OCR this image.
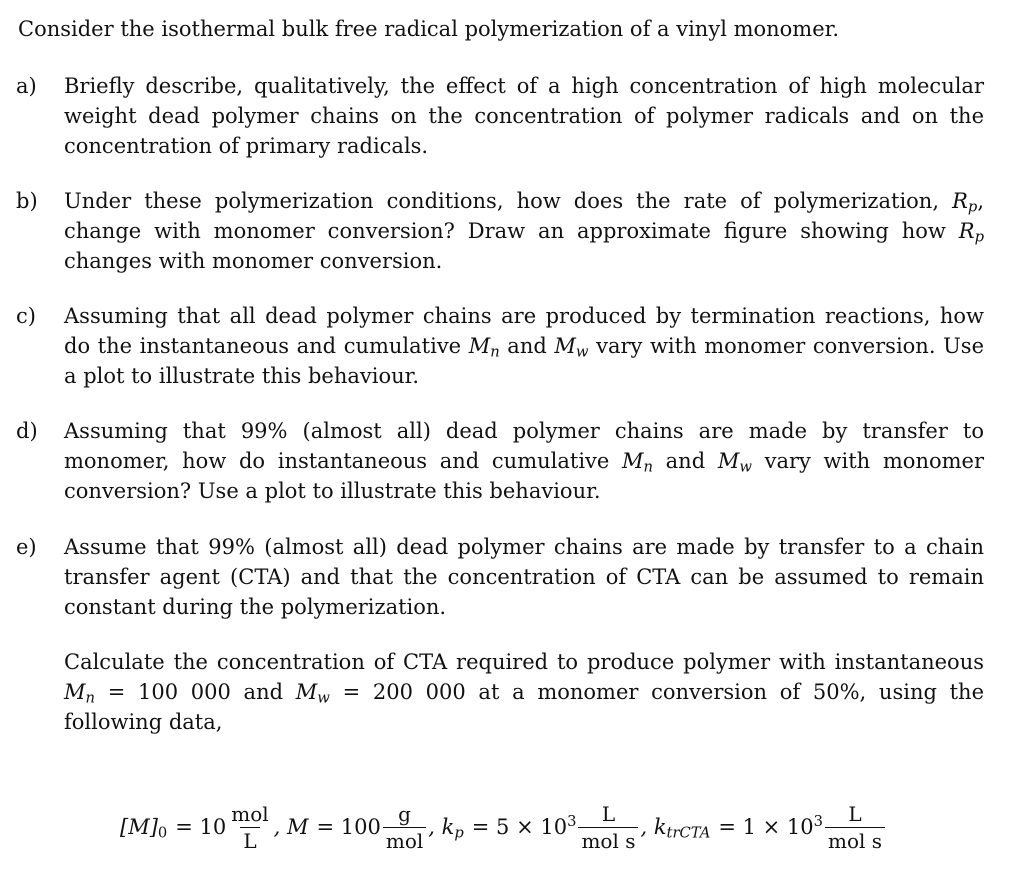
Consider the isothermal bulk free radical polymerization of a vinyl monomer.
a)	Briefly describe, qualitatively, the effect of a high concentration of high molecular weight dead polymer chains on the concentration of polymer radicals and on the concentration of primary radicals.
b)	Under these polymerization conditions, how does the rate of polymerization, $R_p$, change with monomer conversion? Draw an approximate figure showing how $R_p$ changes with monomer conversion.
c)	Assuming that all dead polymer chains are produced by termination reactions, how do the instantaneous and cumulative $M_n$ and $M_w$ vary with monomer conversion. Use a plot to illustrate this behaviour.
d)	Assuming that 99% (almost all) dead polymer chains are made by transfer to monomer, how do instantaneous and cumulative $M_n$ and $M_w$ vary with monomer conversion? Use a plot to illustrate this behaviour.
e)	Assume that 99% (almost all) dead polymer chains are made by transfer to a chain transfer agent (CTA) and that the concentration of CTA can be assumed to remain constant during the polymerization.
Calculate the concentration of CTA required to produce polymer with instantaneous $M_n = 100$ 000 and $M_w = 200$ 000 at a monomer conversion of 50%, using the following data,
$[M]_0 = 10 \frac{\text{mol}}{L}$ , $M = 100 \frac{g}{\text{mol}}$ , $k_p = 5 \times 10^3 \frac{L}{\text{mol s}}$ , $k_{trCTA} = 1 \times 10^3 \frac{L}{\text{mol s}}$
